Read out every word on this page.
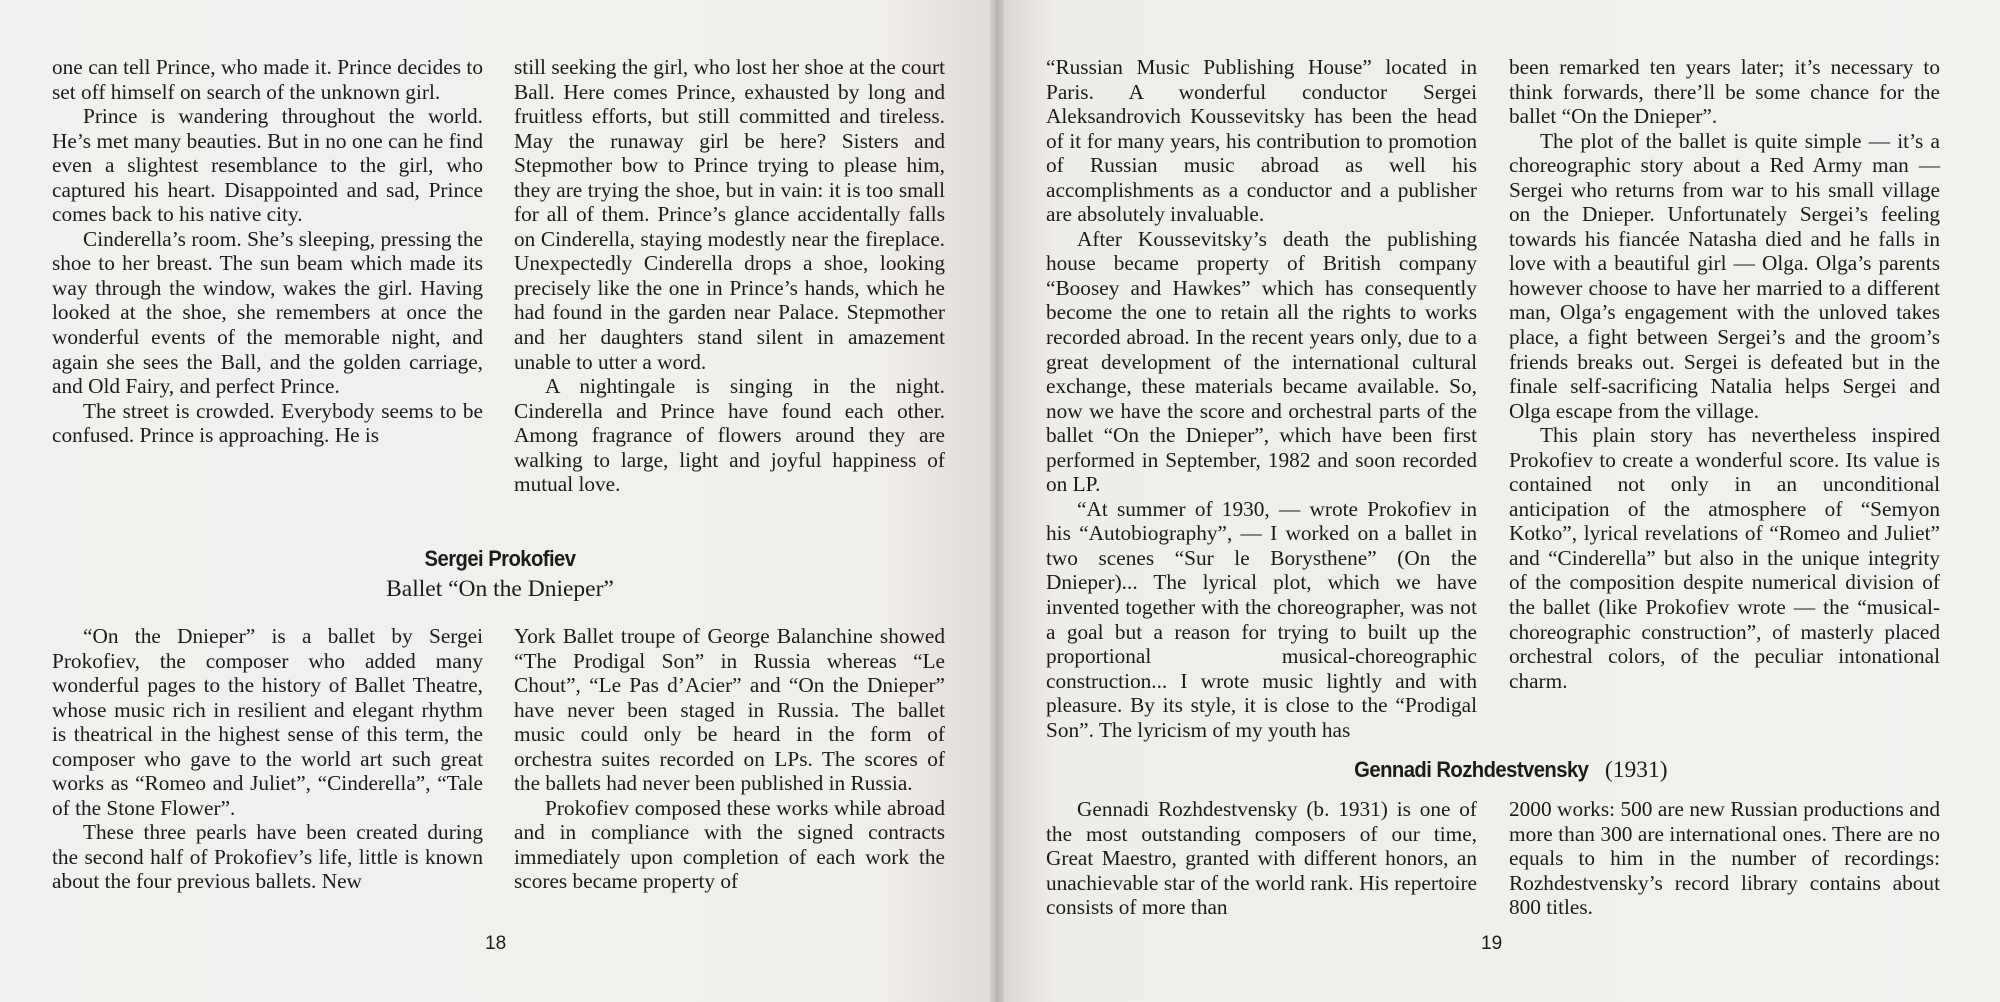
one can tell Prince, who made it. Prince decides to set off himself on search of the unknown girl.

Prince is wandering throughout the world. He’s met many beauties. But in no one can he find even a slightest resemblance to the girl, who captured his heart. Disappointed and sad, Prince comes back to his native city.

Cinderella’s room. She’s sleeping, pressing the shoe to her breast. The sun beam which made its way through the window, wakes the girl. Having looked at the shoe, she remembers at once the wonderful events of the memorable night, and again she sees the Ball, and the golden carriage, and Old Fairy, and perfect Prince.

The street is crowded. Everybody seems to be confused. Prince is approaching. He is

still seeking the girl, who lost her shoe at the court Ball. Here comes Prince, exhausted by long and fruitless efforts, but still committed and tireless. May the runaway girl be here? Sisters and Stepmother bow to Prince trying to please him, they are trying the shoe, but in vain: it is too small for all of them. Prince’s glance accidentally falls on Cinderella, staying modestly near the fireplace. Unexpectedly Cinderella drops a shoe, looking precisely like the one in Prince’s hands, which he had found in the garden near Palace. Stepmother and her daughters stand silent in amazement unable to utter a word.

A nightingale is singing in the night. Cinderella and Prince have found each other. Among fragrance of flowers around they are walking to large, light and joyful happiness of mutual love.

Sergei Prokofiev
Ballet “On the Dnieper”

“On the Dnieper” is a ballet by Sergei Prokofiev, the composer who added many wonderful pages to the history of Ballet Theatre, whose music rich in resilient and elegant rhythm is theatrical in the highest sense of this term, the composer who gave to the world art such great works as “Romeo and Juliet”, “Cinderella”, “Tale of the Stone Flower”.

These three pearls have been created during the second half of Prokofiev’s life, little is known about the four previous ballets. New

York Ballet troupe of George Balanchine showed “The Prodigal Son” in Russia whereas “Le Chout”, “Le Pas d’Acier” and “On the Dnieper” have never been staged in Russia. The ballet music could only be heard in the form of orchestra suites recorded on LPs. The scores of the ballets had never been published in Russia.

Prokofiev composed these works while abroad and in compliance with the signed contracts immediately upon completion of each work the scores became property of

18

“Russian Music Publishing House” located in Paris. A wonderful conductor Sergei Aleksandrovich Koussevitsky has been the head of it for many years, his contribution to promotion of Russian music abroad as well his accomplishments as a conductor and a publisher are absolutely invaluable.

After Koussevitsky’s death the publishing house became property of British company “Boosey and Hawkes” which has consequently become the one to retain all the rights to works recorded abroad. In the recent years only, due to a great development of the international cultural exchange, these materials became available. So, now we have the score and orchestral parts of the ballet “On the Dnieper”, which have been first performed in September, 1982 and soon recorded on LP.

“At summer of 1930, — wrote Prokofiev in his “Autobiography”, — I worked on a ballet in two scenes “Sur le Borysthene” (On the Dnieper)... The lyrical plot, which we have invented together with the choreographer, was not a goal but a reason for trying to built up the proportional musical-choreographic construction... I wrote music lightly and with pleasure. By its style, it is close to the “Prodigal Son”. The lyricism of my youth has

been remarked ten years later; it’s necessary to think forwards, there’ll be some chance for the ballet “On the Dnieper”.

The plot of the ballet is quite simple — it’s a choreographic story about a Red Army man — Sergei who returns from war to his small village on the Dnieper. Unfortunately Sergei’s feeling towards his fiancée Natasha died and he falls in love with a beautiful girl — Olga. Olga’s parents however choose to have her married to a different man, Olga’s engagement with the unloved takes place, a fight between Sergei’s and the groom’s friends breaks out. Sergei is defeated but in the finale self-sacrificing Natalia helps Sergei and Olga escape from the village.

This plain story has nevertheless inspired Prokofiev to create a wonderful score. Its value is contained not only in an unconditional anticipation of the atmosphere of “Semyon Kotko”, lyrical revelations of “Romeo and Juliet” and “Cinderella” but also in the unique integrity of the composition despite numerical division of the ballet (like Prokofiev wrote — the “musical-choreographic construction”, of masterly placed orchestral colors, of the peculiar intonational charm.

Gennadi Rozhdestvensky (1931)

Gennadi Rozhdestvensky (b. 1931) is one of the most outstanding composers of our time, Great Maestro, granted with different honors, an unachievable star of the world rank. His repertoire consists of more than

2000 works: 500 are new Russian productions and more than 300 are international ones. There are no equals to him in the number of recordings: Rozhdestvensky’s record library contains about 800 titles.

19
